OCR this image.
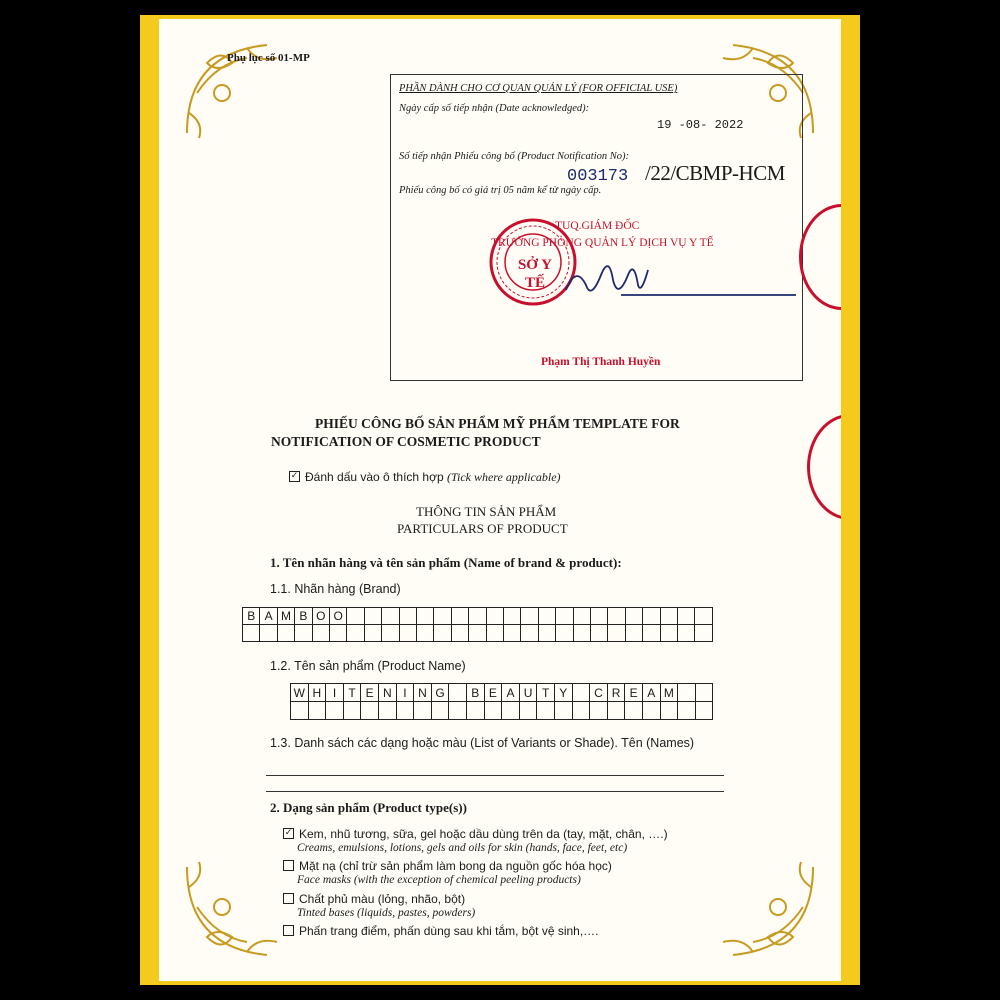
Phụ lục số 01-MP
PHẦN DÀNH CHO CƠ QUAN QUẢN LÝ (FOR OFFICIAL USE)
Ngày cấp số tiếp nhận (Date acknowledged):
19 -08- 2022
Số tiếp nhận Phiếu công bố (Product Notification No):
003173 /22/CBMP-HCM
Phiếu công bố có giá trị 05 năm kể từ ngày cấp.
TUQ.GIÁM ĐỐC
TRƯỞNG PHÒNG QUẢN LÝ DỊCH VỤ Y TẾ
SỞ Y TẾ
Phạm Thị Thanh Huyền
PHIẾU CÔNG BỐ SẢN PHẨM MỸ PHẨM TEMPLATE FOR
NOTIFICATION OF COSMETIC PRODUCT
✓ Đánh dấu vào ô thích hợp (Tick where applicable)
THÔNG TIN SẢN PHẨM
PARTICULARS OF PRODUCT
1. Tên nhãn hàng và tên sản phẩm (Name of brand & product):
1.1. Nhãn hàng (Brand)
B A M B O O
1.2. Tên sản phẩm (Product Name)
W H I	T E N I N G	B E A U T Y	C R E A M
1.3. Danh sách các dạng hoặc màu (List of Variants or Shade). Tên (Names)
2. Dạng sản phẩm (Product type(s))
✓ Kem, nhũ tương, sữa, gel hoặc dầu dùng trên da (tay, mặt, chân, ….)
Creams, emulsions, lotions, gels and oils for skin (hands, face, feet, etc)
Mặt nạ (chỉ trừ sản phẩm làm bong da nguồn gốc hóa học)
Face masks (with the exception of chemical peeling products)
Chất phủ màu (lỏng, nhão, bột)
Tinted bases (liquids, pastes, powders)
Phấn trang điểm, phấn dùng sau khi tắm, bột vệ sinh,….
